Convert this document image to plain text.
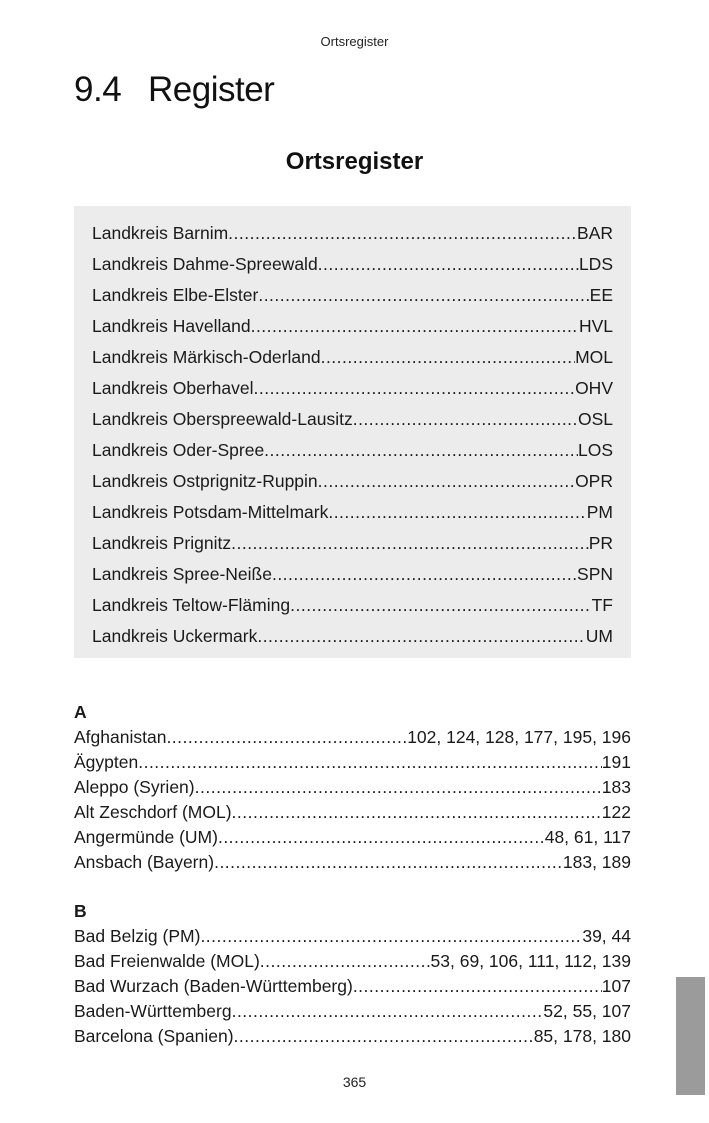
Ortsregister
9.4 Register
Ortsregister
Landkreis Barnim .....	BAR
Landkreis Dahme-Spreewald .....	LDS
Landkreis Elbe-Elster .....	EE
Landkreis Havelland .....	HVL
Landkreis Märkisch-Oderland .....	MOL
Landkreis Oberhavel .....	OHV
Landkreis Oberspreewald-Lausitz .....	OSL
Landkreis Oder-Spree .....	LOS
Landkreis Ostprignitz-Ruppin .....	OPR
Landkreis Potsdam-Mittelmark .....	PM
Landkreis Prignitz .....	PR
Landkreis Spree-Neiße .....	SPN
Landkreis Teltow-Fläming .....	TF
Landkreis Uckermark .....	UM
A
Afghanistan .....	102, 124, 128, 177, 195, 196
Ägypten .....	191
Aleppo (Syrien) .....	183
Alt Zeschdorf (MOL) .....	122
Angermünde (UM) .....	48, 61, 117
Ansbach (Bayern) .....	183, 189
B
Bad Belzig (PM) .....	39, 44
Bad Freienwalde (MOL) .....	53, 69, 106, 111, 112, 139
Bad Wurzach (Baden-Württemberg) .....	107
Baden-Württemberg .....	52, 55, 107
Barcelona (Spanien) .....	85, 178, 180
365
